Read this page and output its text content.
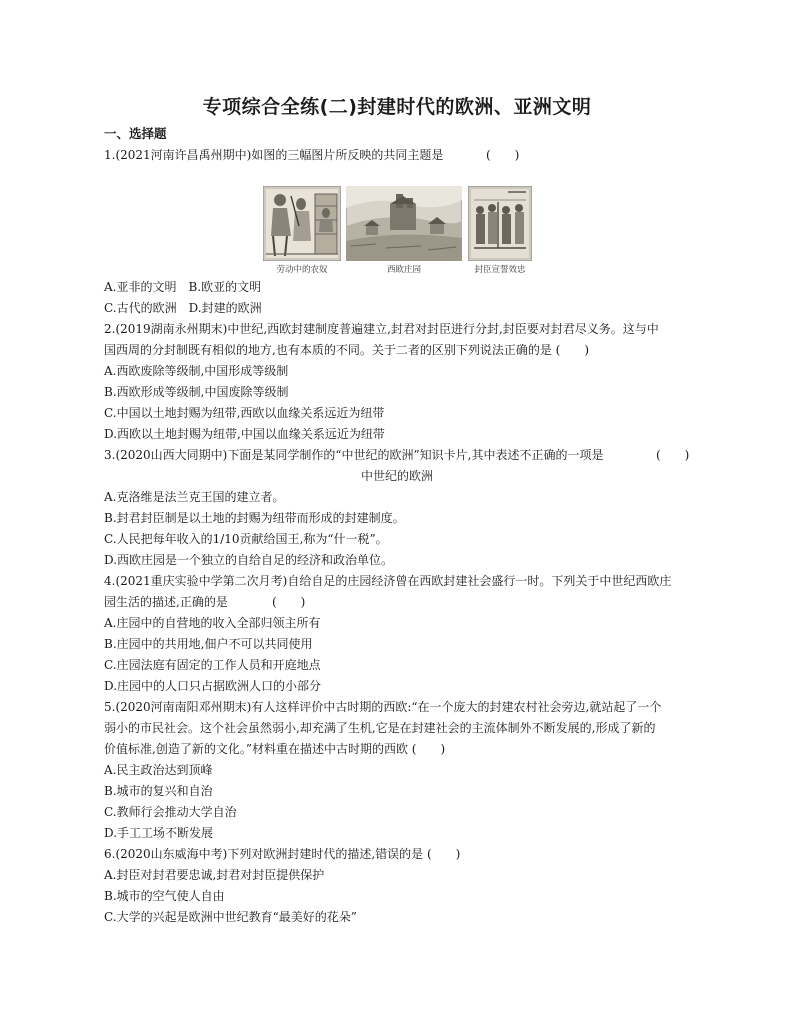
专项综合全练(二)封建时代的欧洲、亚洲文明
一、选择题
1.(2021河南许昌禹州期中)如图的三幅图片所反映的共同主题是	(　　)
劳动中的农奴	西欧庄园	封臣宣誓效忠
A.亚非的文明　B.欧亚的文明
C.古代的欧洲　D.封建的欧洲
2.(2019湖南永州期末)中世纪,西欧封建制度普遍建立,封君对封臣进行分封,封臣要对封君尽义务。这与中
国西周的分封制既有相似的地方,也有本质的不同。关于二者的区别下列说法正确的是 (　　)
A.西欧废除等级制,中国形成等级制
B.西欧形成等级制,中国废除等级制
C.中国以土地封赐为纽带,西欧以血缘关系远近为纽带
D.西欧以土地封赐为纽带,中国以血缘关系远近为纽带
3.(2020山西大同期中)下面是某同学制作的“中世纪的欧洲”知识卡片,其中表述不正确的一项是	(　　)
中世纪的欧洲
A.克洛维是法兰克王国的建立者。
B.封君封臣制是以土地的封赐为纽带而形成的封建制度。
C.人民把每年收入的1/10贡献给国王,称为“什一税”。
D.西欧庄园是一个独立的自给自足的经济和政治单位。
4.(2021重庆实验中学第二次月考)自给自足的庄园经济曾在西欧封建社会盛行一时。下列关于中世纪西欧庄
园生活的描述,正确的是	(　　)
A.庄园中的自营地的收入全部归领主所有
B.庄园中的共用地,佃户不可以共同使用
C.庄园法庭有固定的工作人员和开庭地点
D.庄园中的人口只占据欧洲人口的小部分
5.(2020河南南阳邓州期末)有人这样评价中古时期的西欧:“在一个庞大的封建农村社会旁边,就站起了一个
弱小的市民社会。这个社会虽然弱小,却充满了生机,它是在封建社会的主流体制外不断发展的,形成了新的
价值标准,创造了新的文化。”材料重在描述中古时期的西欧 (　　)
A.民主政治达到顶峰
B.城市的复兴和自治
C.教师行会推动大学自治
D.手工工场不断发展
6.(2020山东威海中考)下列对欧洲封建时代的描述,错误的是 (　　)
A.封臣对封君要忠诚,封君对封臣提供保护
B.城市的空气使人自由
C.大学的兴起是欧洲中世纪教育“最美好的花朵”
